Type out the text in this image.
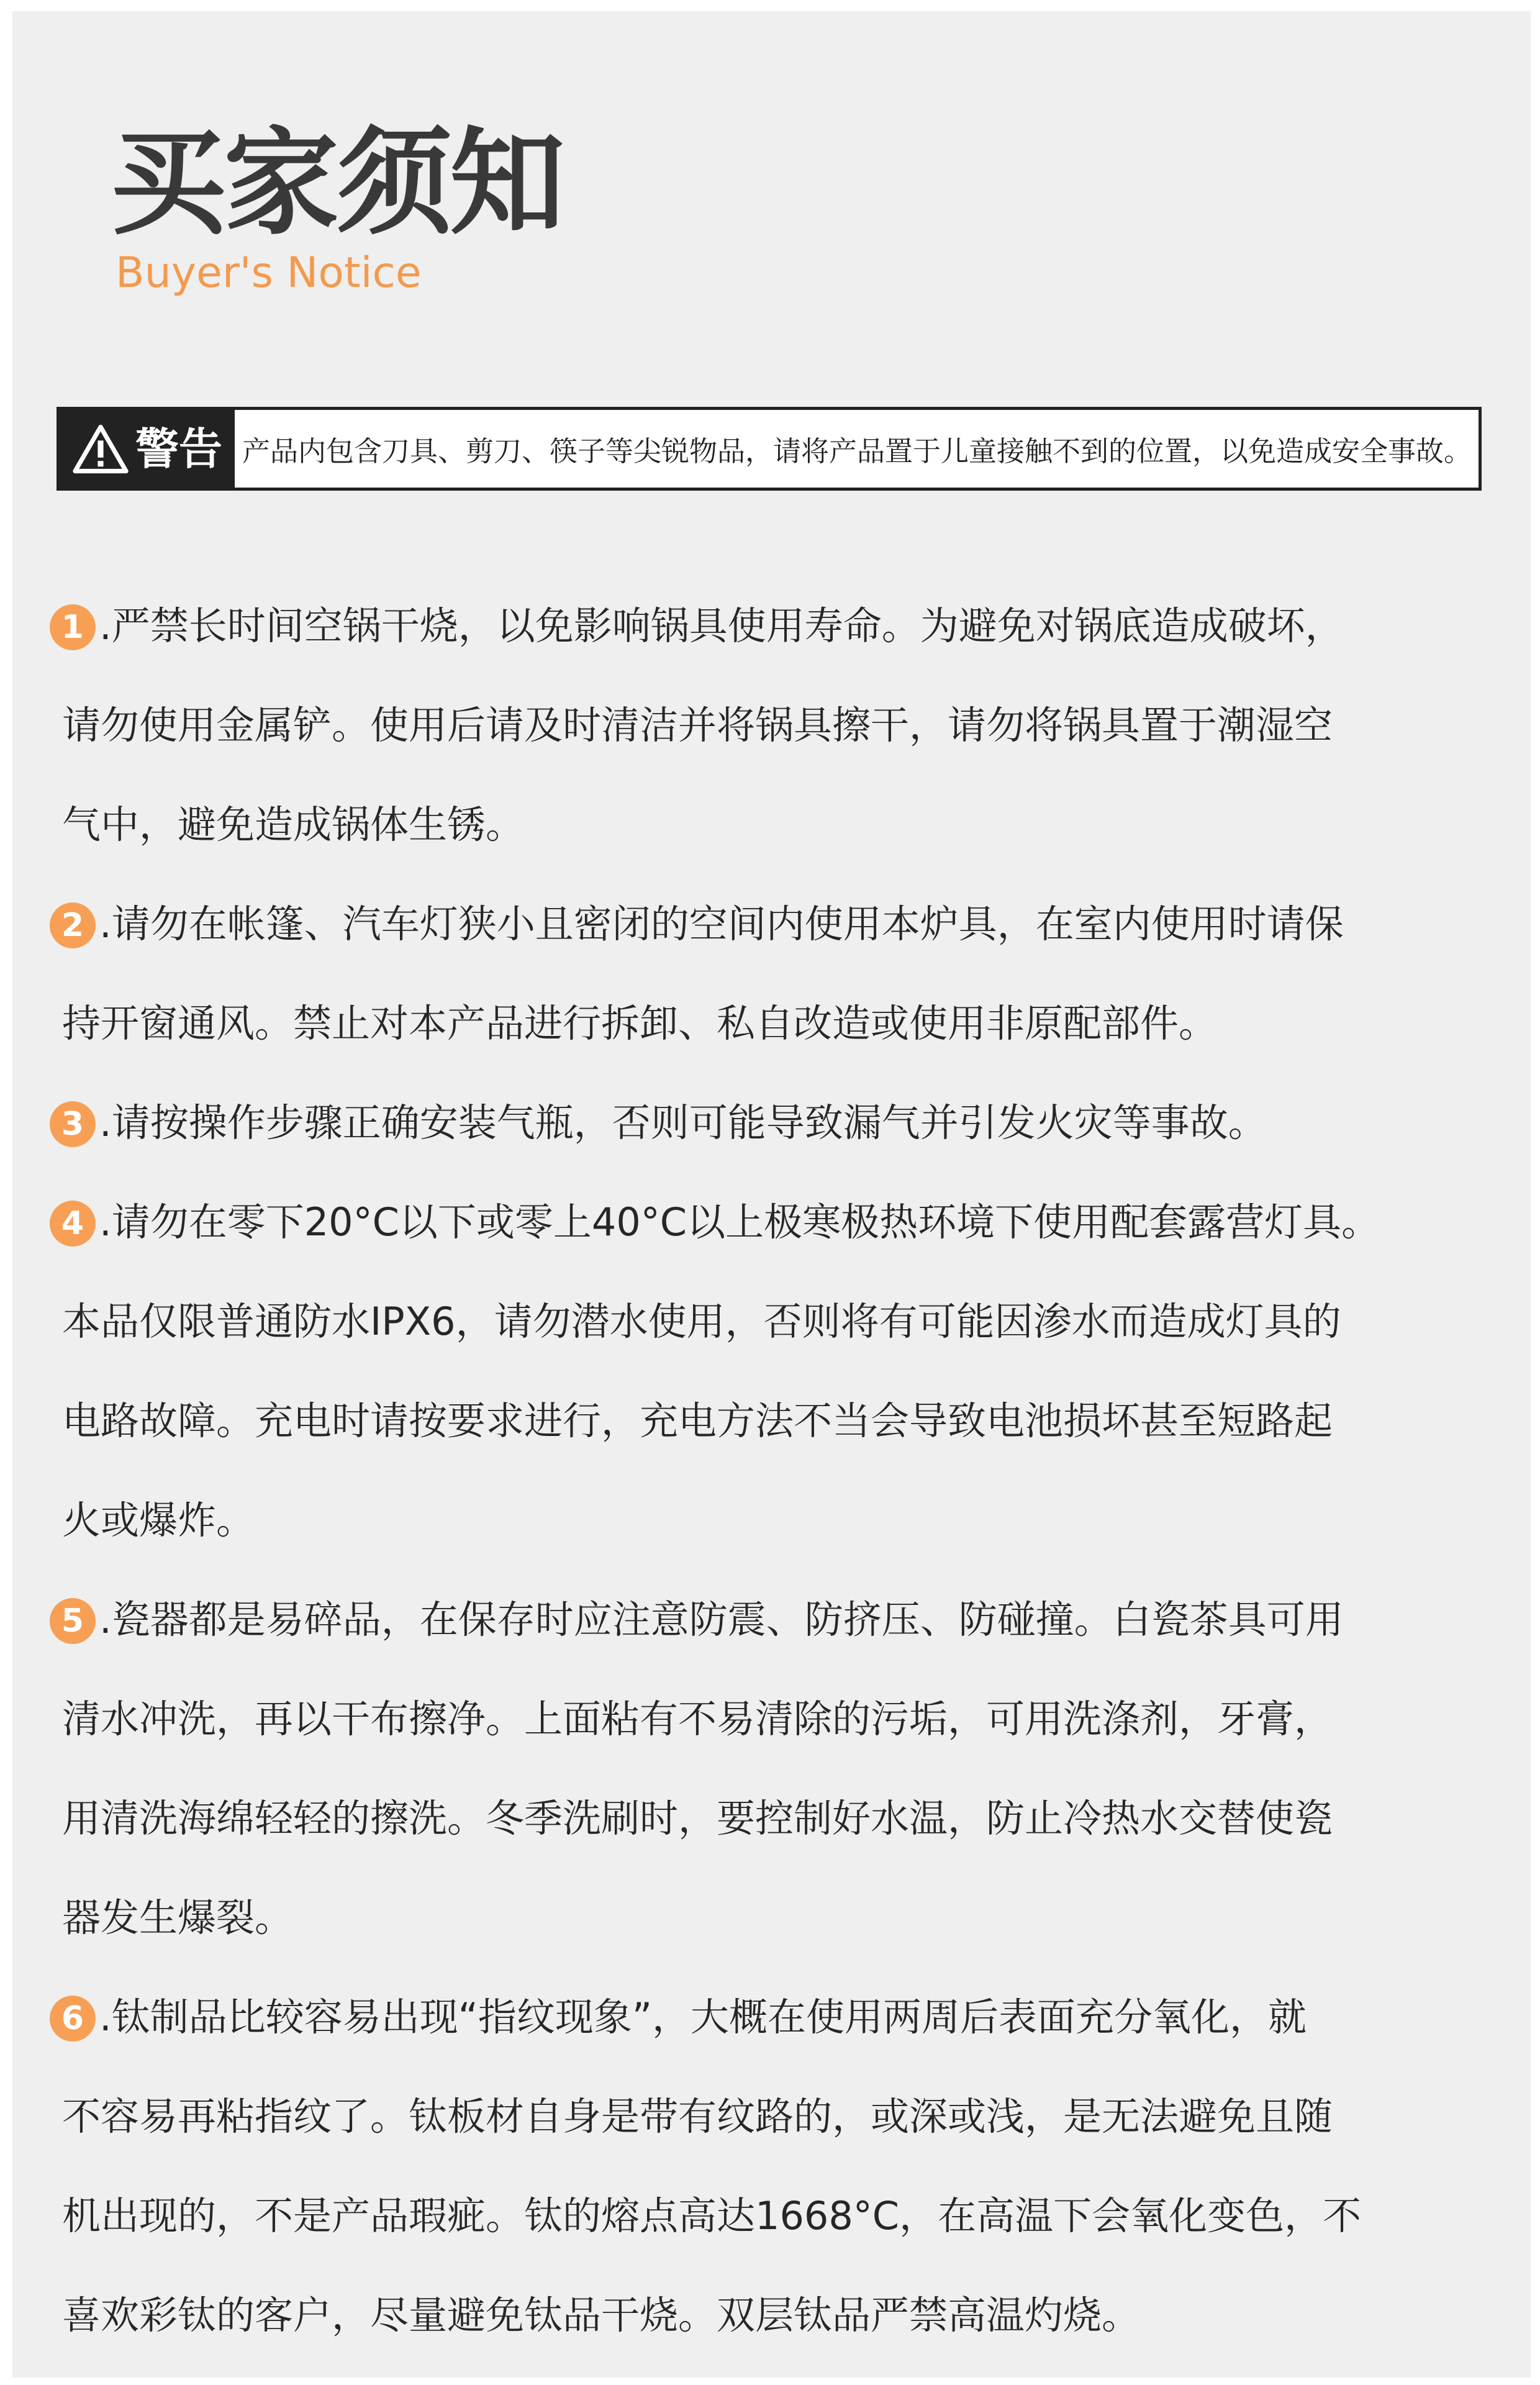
买家须知
Buyer's Notice
警告 产品内包含刀具、剪刀、筷子等尖锐物品，请将产品置于儿童接触不到的位置，以免造成安全事故。
1 .严禁长时间空锅干烧，以免影响锅具使用寿命。为避免对锅底造成破坏，
请勿使用金属铲。使用后请及时清洁并将锅具擦干，请勿将锅具置于潮湿空
气中，避免造成锅体生锈。
2 .请勿在帐篷、汽车灯狭小且密闭的空间内使用本炉具，在室内使用时请保
持开窗通风。禁止对本产品进行拆卸、私自改造或使用非原配部件。
3 .请按操作步骤正确安装气瓶，否则可能导致漏气并引发火灾等事故。
4 .请勿在零下20°C以下或零上40°C以上极寒极热环境下使用配套露营灯具。
本品仅限普通防水IPX6，请勿潜水使用，否则将有可能因渗水而造成灯具的
电路故障。充电时请按要求进行，充电方法不当会导致电池损坏甚至短路起
火或爆炸。
5 .瓷器都是易碎品，在保存时应注意防震、防挤压、防碰撞。白瓷茶具可用
清水冲洗，再以干布擦净。上面粘有不易清除的污垢，可用洗涤剂，牙膏，
用清洗海绵轻轻的擦洗。冬季洗刷时，要控制好水温，防止冷热水交替使瓷
器发生爆裂。
6 .钛制品比较容易出现“指纹现象”，大概在使用两周后表面充分氧化，就
不容易再粘指纹了。钛板材自身是带有纹路的，或深或浅，是无法避免且随
机出现的，不是产品瑕疵。钛的熔点高达1668°C，在高温下会氧化变色，不
喜欢彩钛的客户，尽量避免钛品干烧。双层钛品严禁高温灼烧。
